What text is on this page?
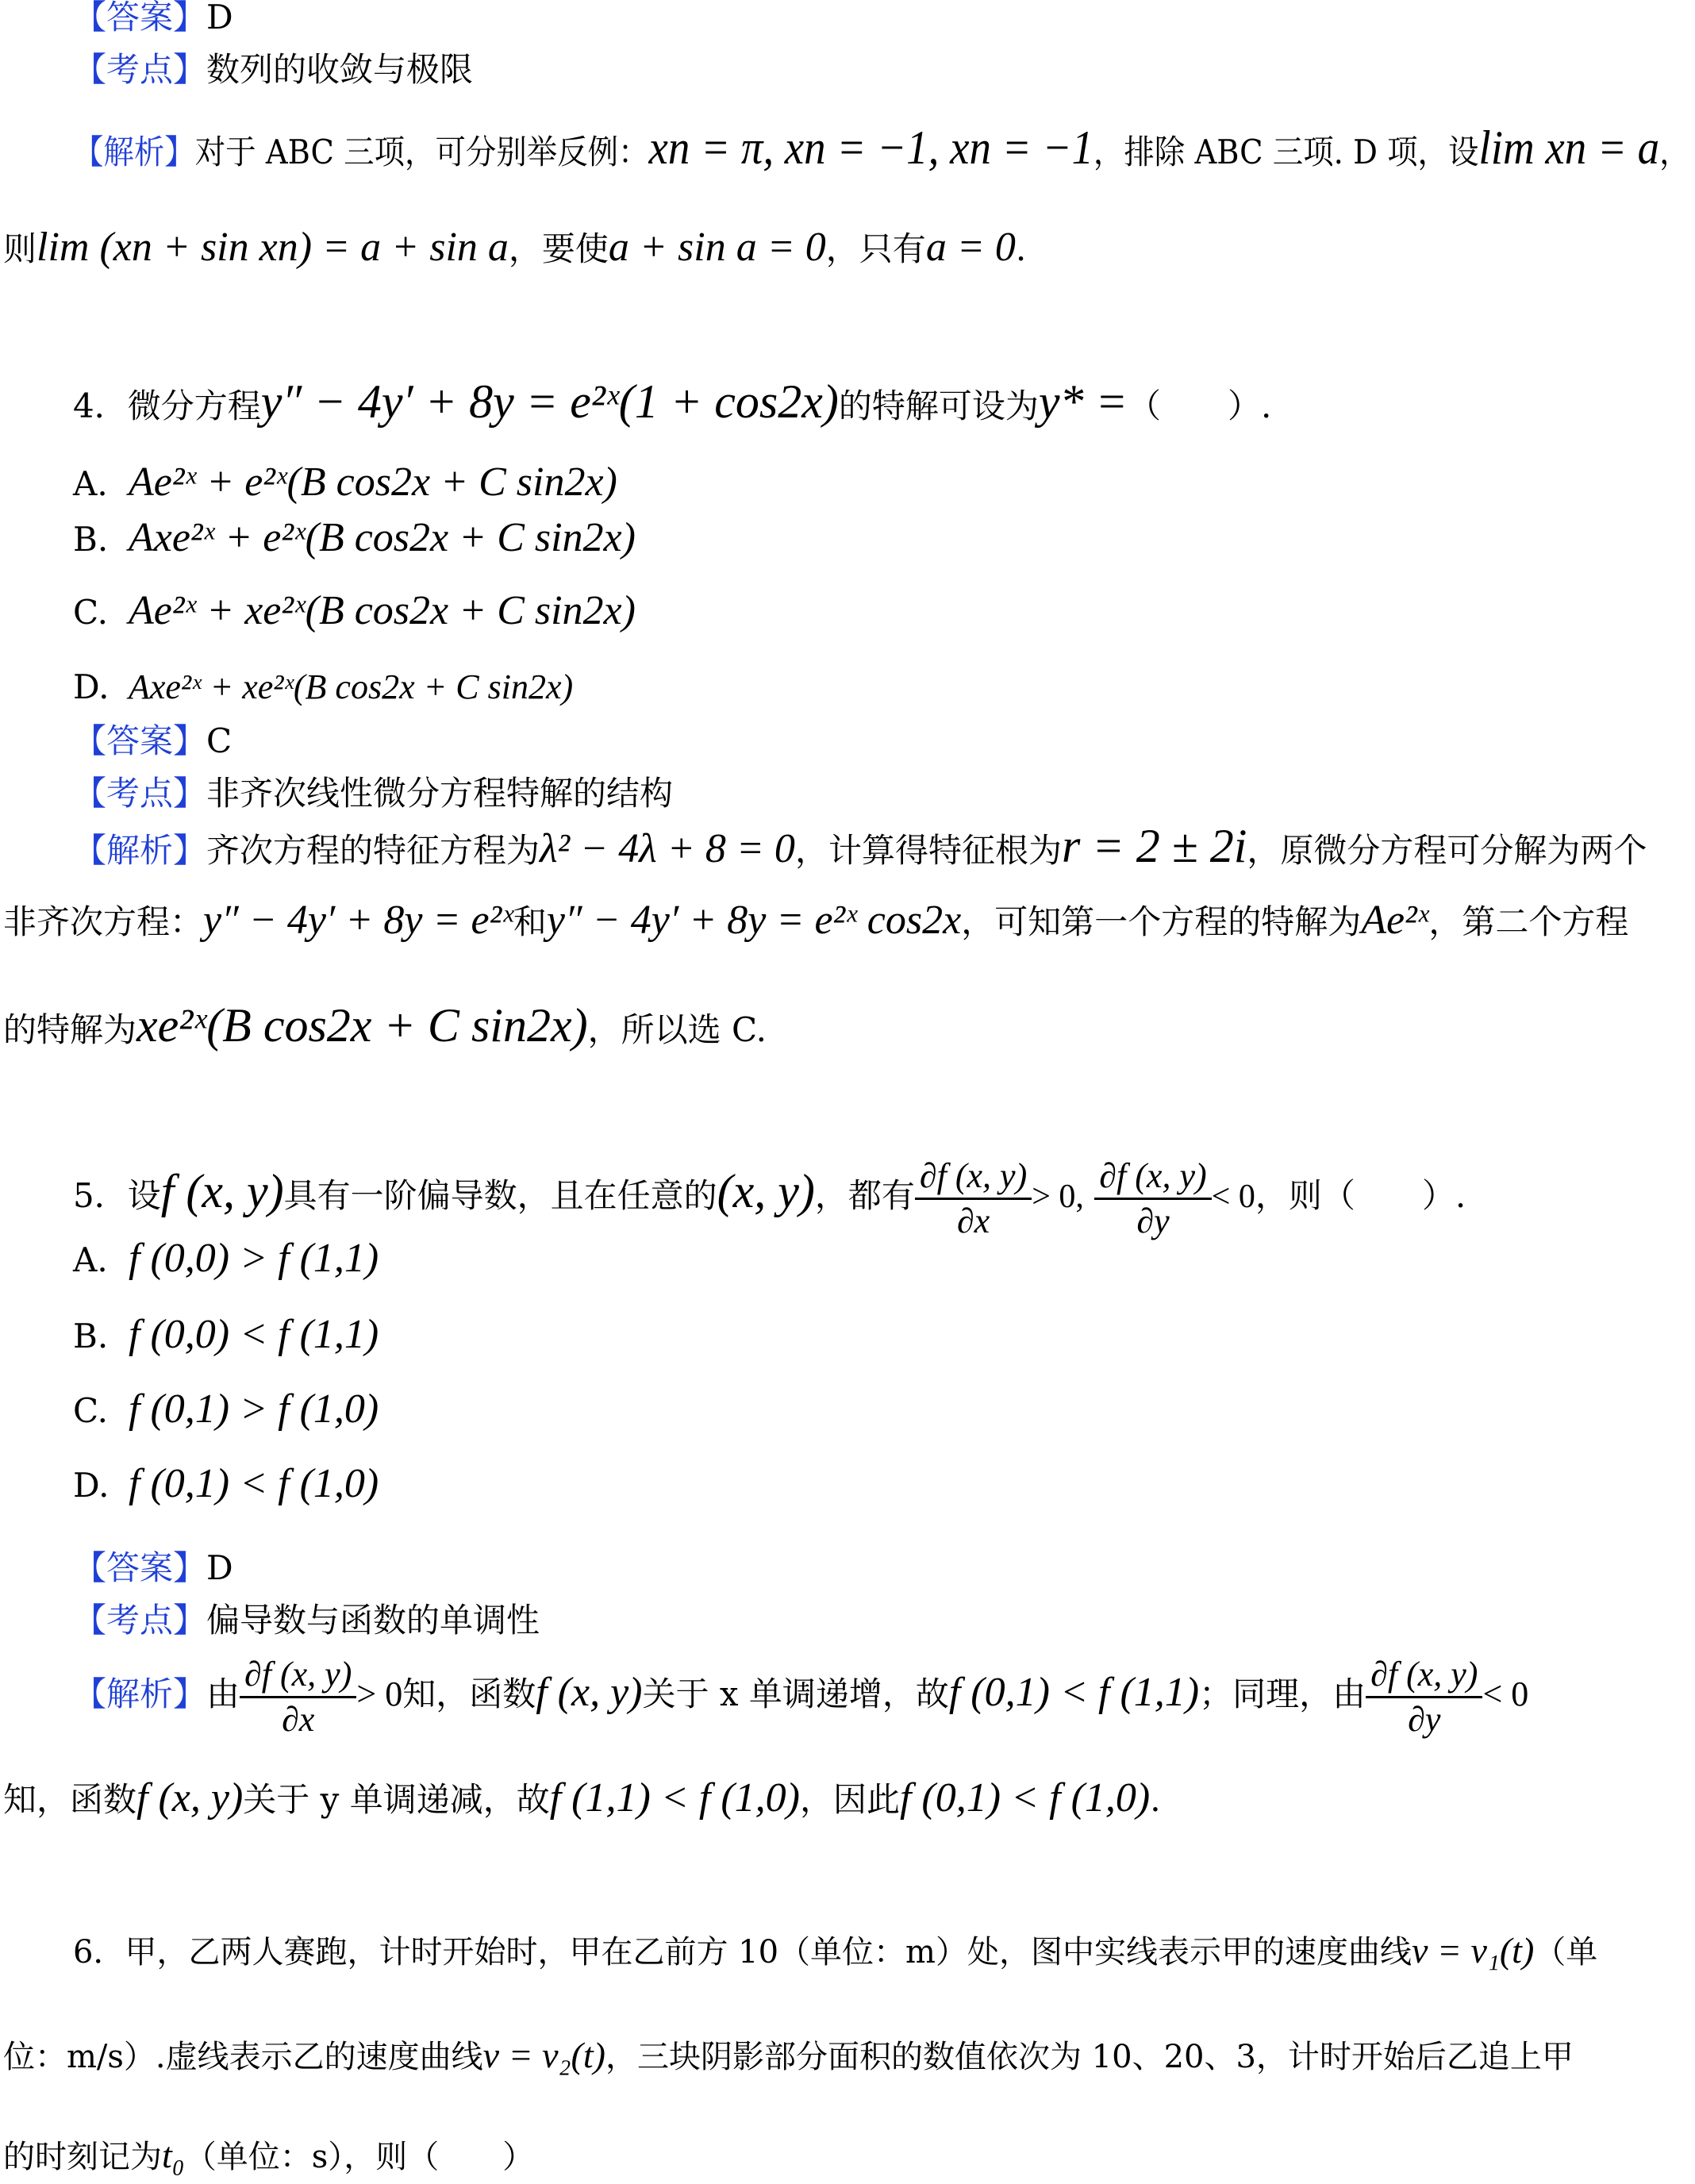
【答案】D
【考点】数列的收敛与极限
【解析】对于 ABC 三项，可分别举反例：xn = π, xn = −1, xn = −1，排除 ABC 三项. D 项，设lim xn = a，
则lim (xn + sin xn) = a + sin a，要使a + sin a = 0，只有a = 0.
4．微分方程y″ − 4y′ + 8y = e²ˣ(1 + cos2x)的特解可设为y* =（　　）.
A. Ae²ˣ + e²ˣ(B cos2x + C sin2x)
B. Axe²ˣ + e²ˣ(B cos2x + C sin2x)
C. Ae²ˣ + xe²ˣ(B cos2x + C sin2x)
D. Axe²ˣ + xe²ˣ(B cos2x + C sin2x)
【答案】C
【考点】非齐次线性微分方程特解的结构
【解析】齐次方程的特征方程为λ² − 4λ + 8 = 0，计算得特征根为r = 2 ± 2i，原微分方程可分解为两个
非齐次方程：y″ − 4y′ + 8y = e²ˣ和y″ − 4y′ + 8y = e²ˣ cos2x，可知第一个方程的特解为Ae²ˣ，第二个方程
的特解为xe²ˣ(B cos2x + C sin2x)，所以选 C.
5．设f (x, y)具有一阶偏导数，且在任意的(x, y)，都有 $\frac{\partial f (x, y)}{\partial x} > 0$, $\frac{\partial f (x, y)}{\partial y} < 0$，则（　　）.
A. f (0,0) > f (1,1)
B. f (0,0) < f (1,1)
C. f (0,1) > f (1,0)
D. f (0,1) < f (1,0)
【答案】D
【考点】偏导数与函数的单调性
【解析】由 $\frac{\partial f (x, y)}{\partial x} > 0$知，函数f (x, y)关于 x 单调递增，故f (0,1) < f (1,1)；同理，由 $\frac{\partial f (x, y)}{\partial y} < 0$
知，函数f (x, y)关于 y 单调递减，故f (1,1) < f (1,0)，因此f (0,1) < f (1,0).
6．甲，乙两人赛跑，计时开始时，甲在乙前方 10（单位：m）处，图中实线表示甲的速度曲线v = v₁(t)（单
位：m/s）.虚线表示乙的速度曲线v = v₂(t)，三块阴影部分面积的数值依次为 10、20、3，计时开始后乙追上甲
的时刻记为t₀（单位：s），则（　　）
